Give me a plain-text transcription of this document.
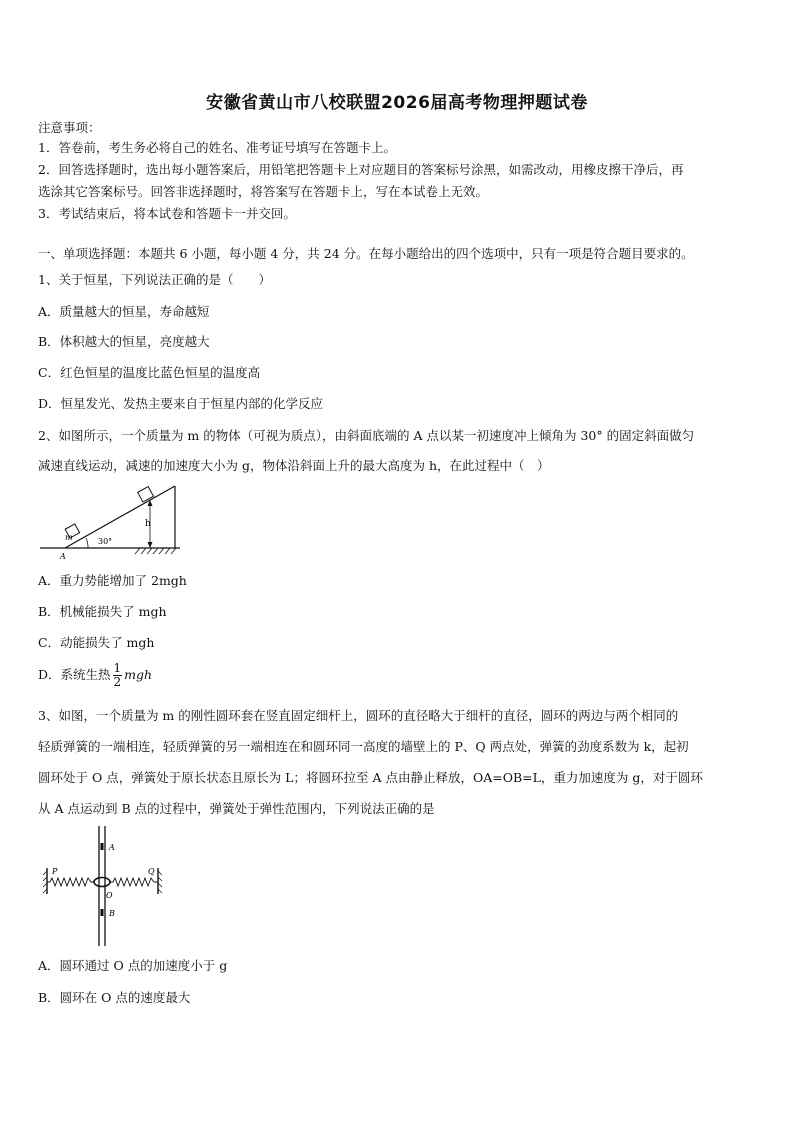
安徽省黄山市八校联盟2026届高考物理押题试卷
注意事项：
1．答卷前，考生务必将自己的姓名、准考证号填写在答题卡上。
2．回答选择题时，选出每小题答案后，用铅笔把答题卡上对应题目的答案标号涂黑，如需改动，用橡皮擦干净后，再
选涂其它答案标号。回答非选择题时，将答案写在答题卡上，写在本试卷上无效。
3．考试结束后，将本试卷和答题卡一并交回。
一、单项选择题：本题共 6 小题，每小题 4 分，共 24 分。在每小题给出的四个选项中，只有一项是符合题目要求的。
1、关于恒星，下列说法正确的是（　　）
A．质量越大的恒星，寿命越短
B．体积越大的恒星，亮度越大
C．红色恒星的温度比蓝色恒星的温度高
D．恒星发光、发热主要来自于恒星内部的化学反应
2、如图所示，一个质量为 m 的物体（可视为质点），由斜面底端的 A 点以某一初速度冲上倾角为 30° 的固定斜面做匀
减速直线运动，减速的加速度大小为 g，物体沿斜面上升的最大高度为 h，在此过程中（　）
m
h
30°
A
A．重力势能增加了 2mgh
B．机械能损失了 mgh
C．动能损失了 mgh
D．系统生热 $\frac{1}{2}$ mgh
3、如图，一个质量为 m 的刚性圆环套在竖直固定细杆上，圆环的直径略大于细杆的直径，圆环的两边与两个相同的
轻质弹簧的一端相连，轻质弹簧的另一端相连在和圆环同一高度的墙壁上的 P、Q 两点处，弹簧的劲度系数为 k，起初
圆环处于 O 点，弹簧处于原长状态且原长为 L；将圆环拉至 A 点由静止释放，OA=OB=L，重力加速度为 g，对于圆环
从 A 点运动到 B 点的过程中，弹簧处于弹性范围内，下列说法正确的是
P	Q
A
O
B
A．圆环通过 O 点的加速度小于 g
B．圆环在 O 点的速度最大
